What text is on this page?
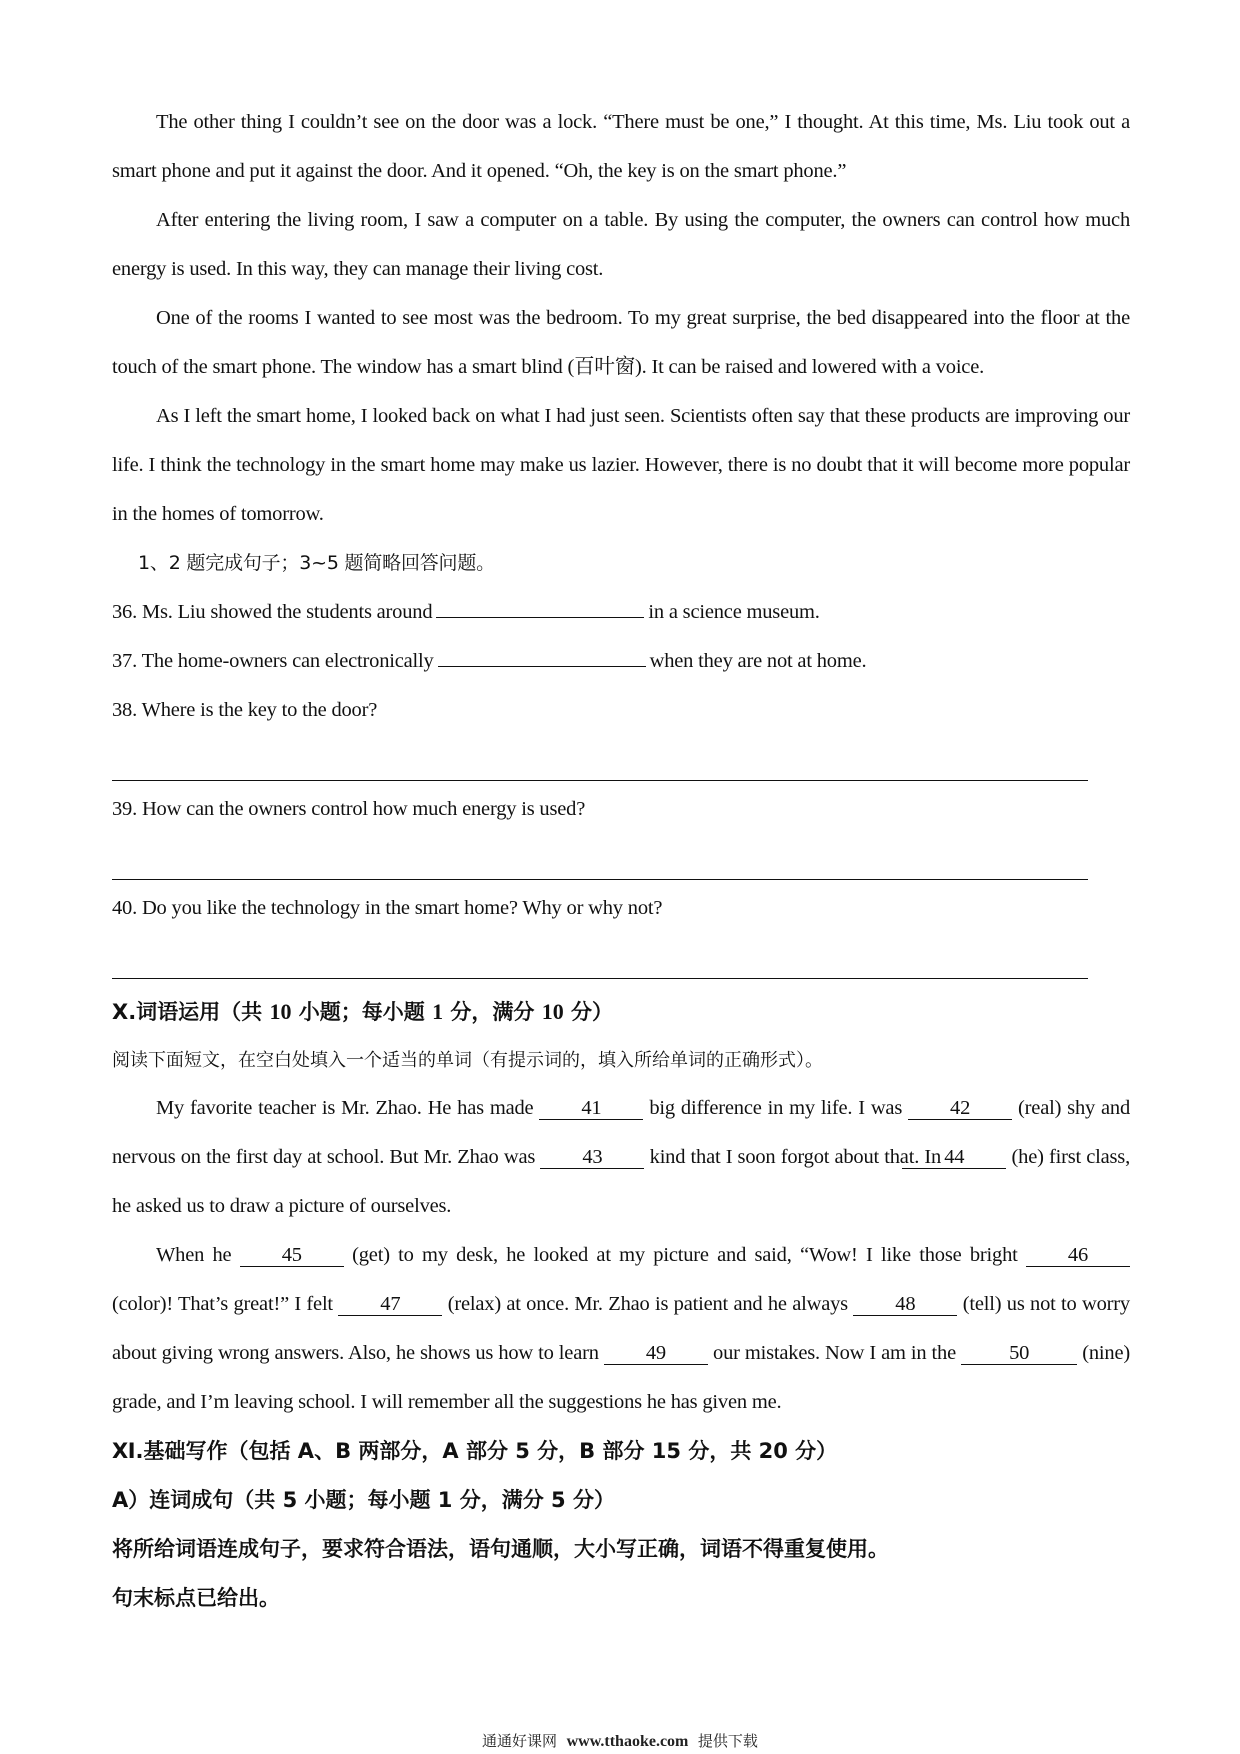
The other thing I couldn’t see on the door was a lock. “There must be one,” I thought. At this time, Ms. Liu took out a smart phone and put it against the door. And it opened. “Oh, the key is on the smart phone.”

After entering the living room, I saw a computer on a table. By using the computer, the owners can control how much energy is used. In this way, they can manage their living cost.

One of the rooms I wanted to see most was the bedroom. To my great surprise, the bed disappeared into the floor at the touch of the smart phone. The window has a smart blind (百叶窗). It can be raised and lowered with a voice.

As I left the smart home, I looked back on what I had just seen. Scientists often say that these products are improving our life. I think the technology in the smart home may make us lazier. However, there is no doubt that it will become more popular in the homes of tomorrow.

1、2 题完成句子；3~5 题简略回答问题。

36. Ms. Liu showed the students around	in a science museum.

37. The home-owners can electronically	when they are not at home.

38. Where is the key to the door?

39. How can the owners control how much energy is used?

40. Do you like the technology in the smart home? Why or why not?

Ⅹ.词语运用（共 10 小题；每小题 1 分，满分 10 分）

阅读下面短文，在空白处填入一个适当的单词（有提示词的，填入所给单词的正确形式）。

My favorite teacher is Mr. Zhao. He has made 41 big difference in my life. I was 42 (real) shy and nervous on the first day at school. But Mr. Zhao was 43 kind that I soon forgot about that. In 44 (he) first class, he asked us to draw a picture of ourselves.

When he 45 (get) to my desk, he looked at my picture and said, “Wow! I like those bright 46 (color)! That’s great!” I felt 47 (relax) at once. Mr. Zhao is patient and he always 48 (tell) us not to worry about giving wrong answers. Also, he shows us how to learn 49 our mistakes. Now I am in the	50	(nine) grade, and I’m leaving school. I will remember all the suggestions he has given me.

Ⅺ.基础写作（包括 A、B 两部分，A 部分 5 分，B 部分 15 分，共 20 分）

A）连词成句（共 5 小题；每小题 1 分，满分 5 分）

将所给词语连成句子，要求符合语法，语句通顺，大小写正确，词语不得重复使用。

句末标点已给出。

通通好课网 www.tthaoke.com 提供下载
